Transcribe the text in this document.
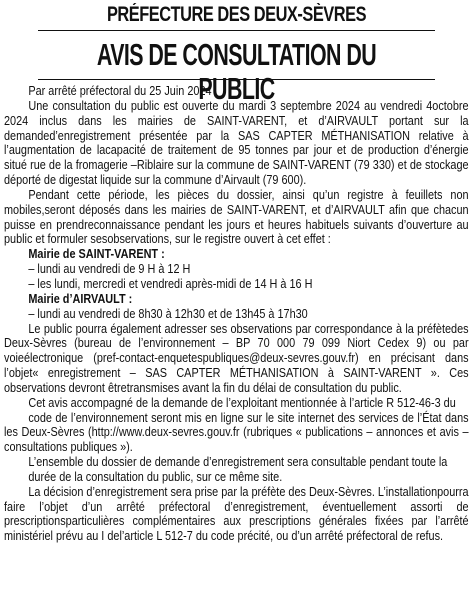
PRÉFECTURE DES DEUX-SÈVRES
AVIS DE CONSULTATION DU PUBLIC

Par arrêté préfectoral du 25 Juin 2024

Une consultation du public est ouverte du mardi 3 septembre 2024 au vendredi 4octobre 2024 inclus dans les mairies de SAINT-VARENT, et d’AIRVAULT portant sur la demanded’enregistrement présentée par la SAS CAPTER MÉTHANISATION relative à l’augmentation de lacapacité de traitement de 95 tonnes par jour et de production d’énergie situé rue de la fromagerie –Riblaire sur la commune de SAINT-VARENT (79 330) et de stockage déporté de digestat liquide sur la commune d’Airvault (79 600).

Pendant cette période, les pièces du dossier, ainsi qu’un registre à feuillets non mobiles,seront déposés dans les mairies de SAINT-VARENT, et d’AIRVAULT afin que chacun puisse en prendreconnaissance pendant les jours et heures habituels suivants d’ouverture au public et formuler sesobservations, sur le registre ouvert à cet effet :

Mairie de SAINT-VARENT :

– lundi au vendredi de 9 H à 12 H

– les lundi, mercredi et vendredi après-midi de 14 H à 16 H

Mairie d’AIRVAULT :

– lundi au vendredi de 8h30 à 12h30 et de 13h45 à 17h30

Le public pourra également adresser ses observations par correspondance à la préfètedes Deux-Sèvres (bureau de l’environnement – BP 70 000 79 099 Niort Cedex 9) ou par voieélectronique (pref-contact-enquetespubliques@deux-sevres.gouv.fr) en précisant dans l’objet« enregistrement – SAS CAPTER MÉTHANISATION à SAINT-VARENT ». Ces observations devront êtretransmises avant la fin du délai de consultation du public.

Cet avis accompagné de la demande de l’exploitant mentionnée à l’article R 512-46-3 du

code de l’environnement seront mis en ligne sur le site internet des services de l’État dans les Deux-Sèvres (http://www.deux-sevres.gouv.fr (rubriques « publications – annonces et avis – consultations publiques »).

L’ensemble du dossier de demande d’enregistrement sera consultable pendant toute la

durée de la consultation du public, sur ce même site.

La décision d’enregistrement sera prise par la préfète des Deux-Sèvres. L’installationpourra faire l’objet d’un arrêté préfectoral d’enregistrement, éventuellement assorti de prescriptionsparticulières complémentaires aux prescriptions générales fixées par l’arrêté ministériel prévu au I del’article L 512-7 du code précité, ou d’un arrêté préfectoral de refus.
